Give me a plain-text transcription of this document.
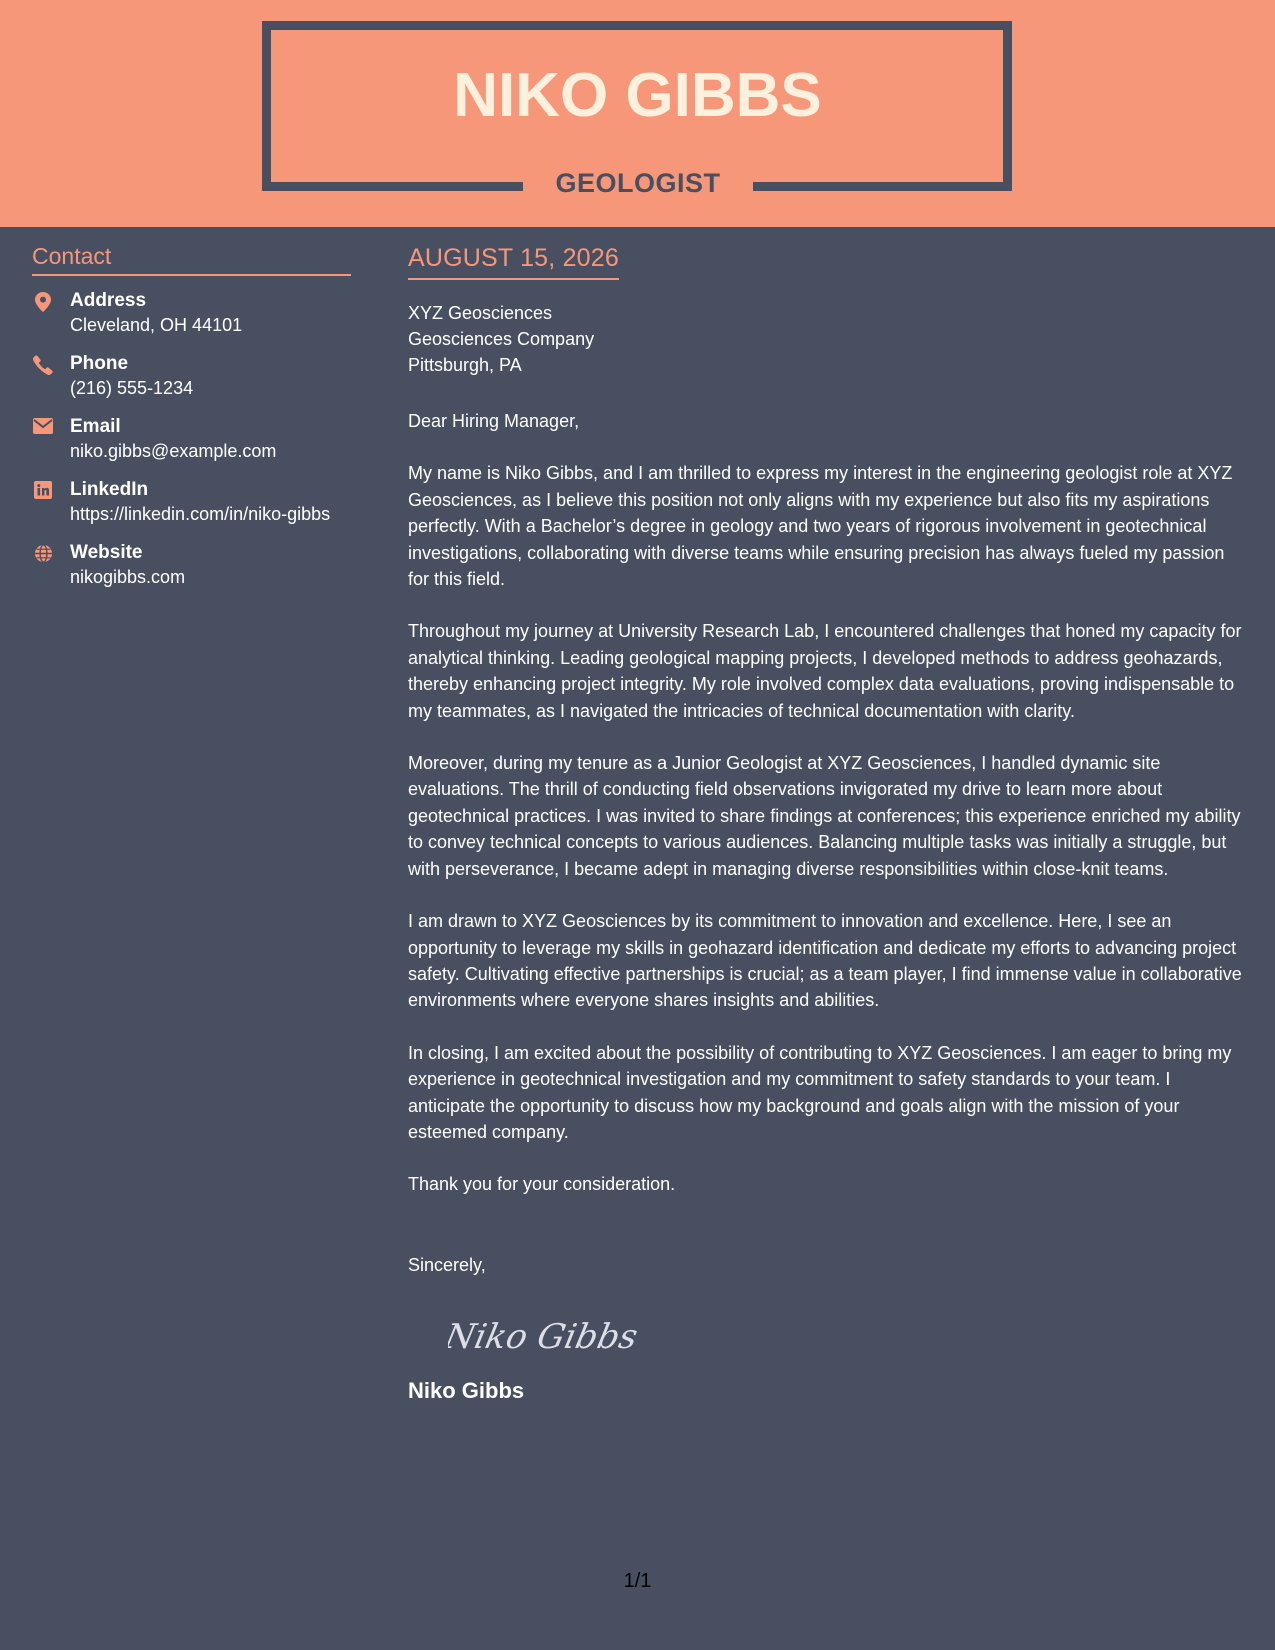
NIKO GIBBS
GEOLOGIST
Contact
Address
Cleveland, OH 44101
Phone
(216) 555-1234
Email
niko.gibbs@example.com
LinkedIn
https://linkedin.com/in/niko-gibbs
Website
nikogibbs.com
AUGUST 15, 2026
XYZ Geosciences
Geosciences Company
Pittsburgh, PA

Dear Hiring Manager,

My name is Niko Gibbs, and I am thrilled to express my interest in the engineering geologist role at XYZ Geosciences, as I believe this position not only aligns with my experience but also fits my aspirations perfectly. With a Bachelor’s degree in geology and two years of rigorous involvement in geotechnical investigations, collaborating with diverse teams while ensuring precision has always fueled my passion for this field.

Throughout my journey at University Research Lab, I encountered challenges that honed my capacity for analytical thinking. Leading geological mapping projects, I developed methods to address geohazards, thereby enhancing project integrity. My role involved complex data evaluations, proving indispensable to my teammates, as I navigated the intricacies of technical documentation with clarity.

Moreover, during my tenure as a Junior Geologist at XYZ Geosciences, I handled dynamic site evaluations. The thrill of conducting field observations invigorated my drive to learn more about geotechnical practices. I was invited to share findings at conferences; this experience enriched my ability to convey technical concepts to various audiences. Balancing multiple tasks was initially a struggle, but with perseverance, I became adept in managing diverse responsibilities within close-knit teams.

I am drawn to XYZ Geosciences by its commitment to innovation and excellence. Here, I see an opportunity to leverage my skills in geohazard identification and dedicate my efforts to advancing project safety. Cultivating effective partnerships is crucial; as a team player, I find immense value in collaborative environments where everyone shares insights and abilities.

In closing, I am excited about the possibility of contributing to XYZ Geosciences. I am eager to bring my experience in geotechnical investigation and my commitment to safety standards to your team. I anticipate the opportunity to discuss how my background and goals align with the mission of your esteemed company.

Thank you for your consideration.

Sincerely,
Niko Gibbs
Niko Gibbs
1/1
